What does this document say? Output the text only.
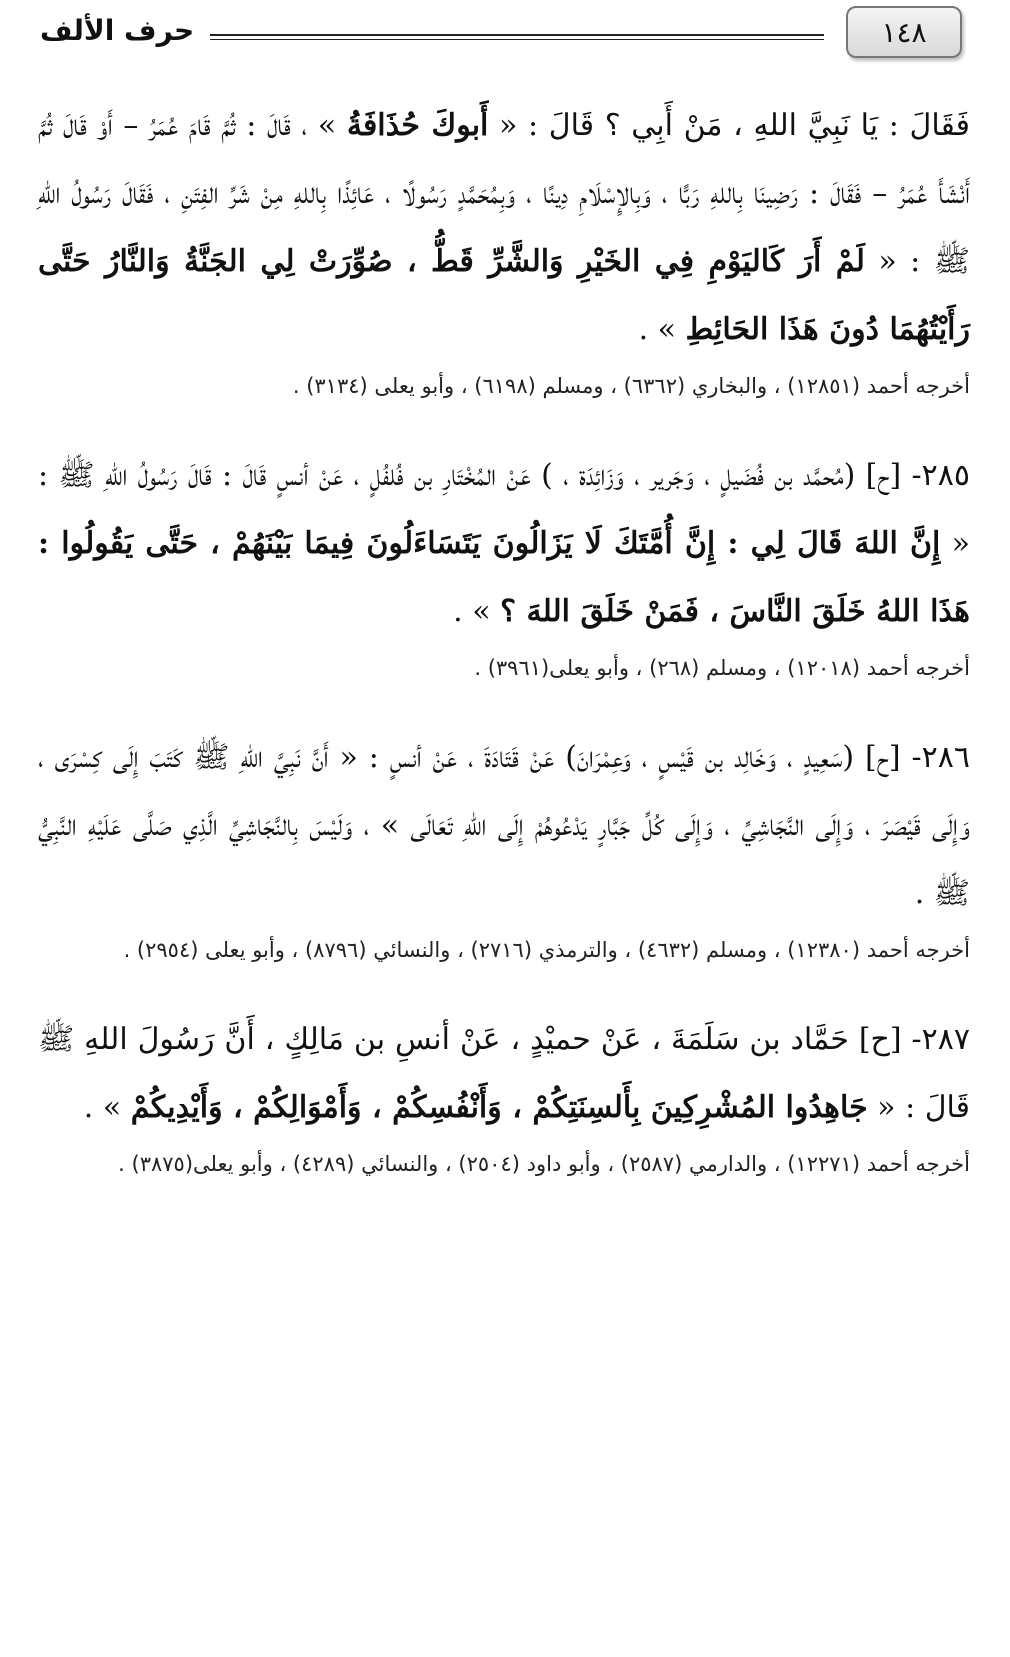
١٤٨
حرف الألف

فَقَالَ : يَا نَبِيَّ اللهِ ، مَنْ أَبِي ؟ قَالَ : « أَبوكَ حُذَافَةُ » ، قَالَ : ثُمَّ قَامَ عُمَرُ – أَوْ قَالَ ثُمَّ أَنْشَأَ عُمَرُ – فَقَالَ : رَضِينَا بِاللهِ رَبًّا ، وَبِالإِسْلَامِ دِينًا ، وَبِمُحَمَّدٍ رَسُولًا ، عَائِذًا بِاللهِ مِنْ شَرِّ الفِتَنِ ، فَقَالَ رَسُولُ اللهِ ﷺ : « لَمْ أَرَ كَاليَوْمِ فِي الخَيْرِ وَالشَّرِّ قَطُّ ، صُوِّرَتْ لِي الجَنَّةُ وَالنَّارُ حَتَّى رَأَيْتُهُمَا دُونَ هَذَا الحَائِطِ » .

أخرجه أحمد (١٢٨٥١) ، والبخاري (٦٣٦٢) ، ومسلم (٦١٩٨) ، وأبو يعلى (٣١٣٤) .

٢٨٥- [ح] (مُحمَّد بن فُضَيلٍ ، وَجَرير ، وَزَائِدَة ، ) عَنْ المُخْتَارِ بن فُلفُلٍ ، عَنْ أنسٍ قَالَ : قَالَ رَسُولُ اللهِ ﷺ : « إِنَّ اللهَ قَالَ لِي : إِنَّ أُمَّتَكَ لَا يَزَالُونَ يَتَسَاءَلُونَ فِيمَا بَيْنَهُمْ ، حَتَّى يَقُولُوا : هَذَا اللهُ خَلَقَ النَّاسَ ، فَمَنْ خَلَقَ اللهَ ؟ » .

أخرجه أحمد (١٢٠١٨) ، ومسلم (٢٦٨) ، وأبو يعلى(٣٩٦١) .

٢٨٦- [ح] (سَعِيدٍ ، وَخَالِد بن قَيْسٍ ، وَعِمْرَانَ) عَنْ قَتَادَةَ ، عَنْ أنسٍ : « أَنَّ نَبِيَّ اللهِ ﷺ كَتَبَ إِلَى كِسْرَى ، وَإِلَى قَيْصَرَ ، وَإِلَى النَّجَاشِيِّ ، وَإِلَى كُلِّ جَبَّارٍ يَدْعُوهُمْ إِلَى اللهِ تَعَالَى » ، وَلَيْسَ بِالنَّجَاشِيِّ الَّذِي صَلَّى عَلَيْهِ النَّبِيُّ ﷺ .

أخرجه أحمد (١٢٣٨٠) ، ومسلم (٤٦٣٢) ، والترمذي (٢٧١٦) ، والنسائي (٨٧٩٦) ، وأبو يعلى (٢٩٥٤) .

٢٨٧- [ح] حَمَّاد بن سَلَمَةَ ، عَنْ حميْدٍ ، عَنْ أنسِ بن مَالِكٍ ، أَنَّ رَسُولَ اللهِ ﷺ قَالَ : « جَاهِدُوا المُشْرِكِينَ بِأَلسِنَتِكُمْ ، وَأَنْفُسِكُمْ ، وَأَمْوَالِكُمْ ، وَأَيْدِيكُمْ » .

أخرجه أحمد (١٢٢٧١) ، والدارمي (٢٥٨٧) ، وأبو داود (٢٥٠٤) ، والنسائي (٤٢٨٩) ، وأبو يعلى(٣٨٧٥) .
